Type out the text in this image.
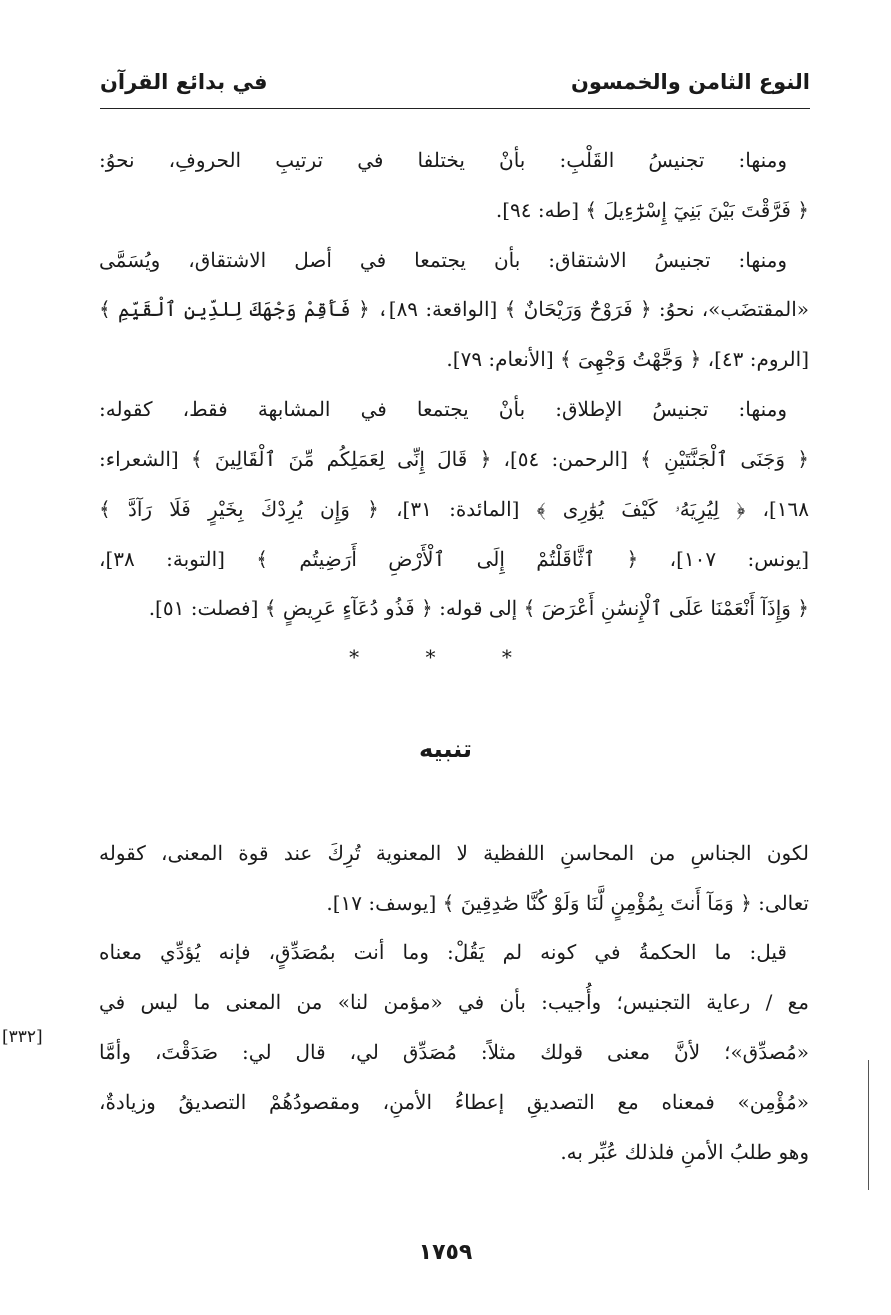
النوع الثامن والخمسون
في بدائع القرآن
ومنها: تجنيسُ القَلْبِ: بأنْ يختلفا في ترتيبِ الحروفِ، نحوُ:
﴿ فَرَّقْتَ بَيْنَ بَنِيٓ إِسْرَٰٓءِيلَ ﴾ [طه: ٩٤].
ومنها: تجنيسُ الاشتقاق: بأن يجتمعا في أصل الاشتقاق، ويُسَمَّى
«المقتضَب»، نحوُ: ﴿ فَرَوْحٌ وَرَيْحَانٌ ﴾ [الواقعة: ٨٩]، ﴿ فَأَقِمْ وَجْهَكَ لِلدِّينِ ٱلْقَيِّمِ ﴾
[الروم: ٤٣]، ﴿ وَجَّهْتُ وَجْهِىَ ﴾ [الأنعام: ٧٩].
ومنها: تجنيسُ الإطلاق: بأنْ يجتمعا في المشابهة فقط، كقوله:
﴿ وَجَنَى ٱلْجَنَّتَيْنِ ﴾ [الرحمن: ٥٤]، ﴿ قَالَ إِنِّى لِعَمَلِكُم مِّنَ ٱلْقَالِينَ ﴾ [الشعراء:
١٦٨]، ﴿ لِيُرِيَهُۥ كَيْفَ يُوَٰرِى ﴾ [المائدة: ٣١]، ﴿ وَإِن يُرِدْكَ بِخَيْرٍ فَلَا رَآدَّ ﴾
[يونس: ١٠٧]، ﴿ ٱثَّاقَلْتُمْ إِلَى ٱلْأَرْضِ أَرَضِيتُم ﴾ [التوبة: ٣٨]،
﴿ وَإِذَآ أَنْعَمْنَا عَلَى ٱلْإِنسَٰنِ أَعْرَضَ ﴾ إلى قوله: ﴿ فَذُو دُعَآءٍ عَرِيضٍ ﴾ [فصلت: ٥١].
* * *
تنبيه
لكون الجناسِ من المحاسنِ اللفظية لا المعنوية تُرِكَ عند قوة المعنى، كقوله
تعالى: ﴿ وَمَآ أَنتَ بِمُؤْمِنٍ لَّنَا وَلَوْ كُنَّا صَٰدِقِينَ ﴾ [يوسف: ١٧].
قيل: ما الحكمةُ في كونه لم يَقُلْ: وما أنت بمُصَدِّقٍ، فإنه يُؤدِّي معناه
مع / رعاية التجنيس؛ وأُجيب: بأن في «مؤمن لنا» من المعنى ما ليس في
«مُصدِّق»؛ لأنَّ معنى قولك مثلاً: مُصَدِّق لي، قال لي: صَدَقْتَ، وأمَّا
«مُؤْمِن» فمعناه مع التصديقِ إعطاءُ الأمنِ، ومقصودُهُمْ التصديقُ وزيادةٌ،
وهو طلبُ الأمنِ فلذلك عُبِّر به.
[٣٣٢]
١٧٥٩
